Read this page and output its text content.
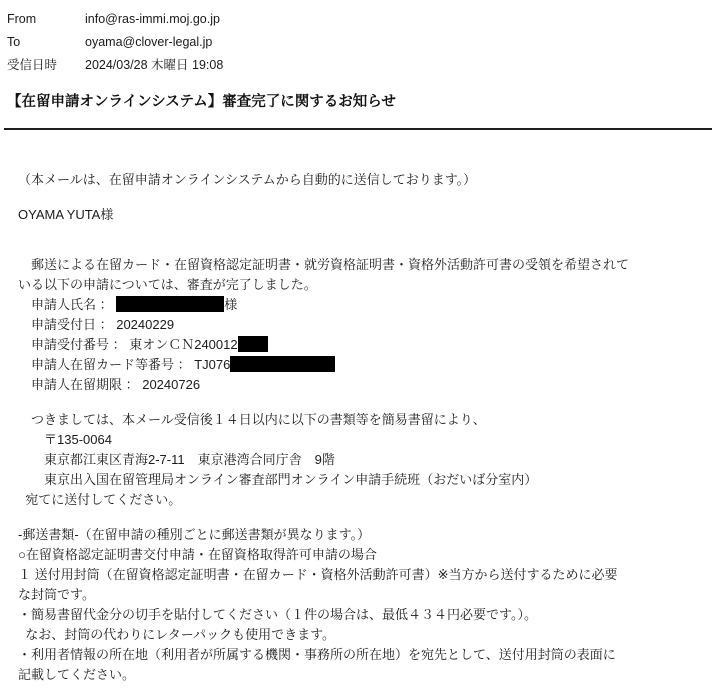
From	info@ras-immi.moj.go.jp
To	oyama@clover-legal.jp
受信日時	2024/03/28 木曜日 19:08
【在留申請オンラインシステム】審査完了に関するお知らせ
（本メールは、在留申請オンラインシステムから自動的に送信しております。）
OYAMA YUTA様
　郵送による在留カード・在留資格認定証明書・就労資格証明書・資格外活動許可書の受領を希望されて
いる以下の申請については、審査が完了しました。
　申請人氏名 ：	様
　申請受付日 ： 20240229
　申請受付番号 ： 東オンＣＮ240012
　申請人在留カード等番号 ： TJ076
　申請人在留期限 ： 20240726
　つきましては、本メール受信後１４日以内に以下の書類等を簡易書留により、
　　〒135-0064
　　東京都江東区青海2-7-11　東京港湾合同庁舎　9階
　　東京出入国在留管理局オンライン審査部門オンライン申請手続班（おだいば分室内）
宛てに送付してください。
-郵送書類-（在留申請の種別ごとに郵送書類が異なります。）
○在留資格認定証明書交付申請・在留資格取得許可申請の場合
１ 送付用封筒（在留資格認定証明書・在留カード・資格外活動許可書）※当方から送付するために必要
な封筒です。
・簡易書留代金分の切手を貼付してください（１件の場合は、最低４３４円必要です。）。
なお、封筒の代わりにレターパックも使用できます。
・利用者情報の所在地（利用者が所属する機関・事務所の所在地）を宛先として、送付用封筒の表面に
記載してください。
